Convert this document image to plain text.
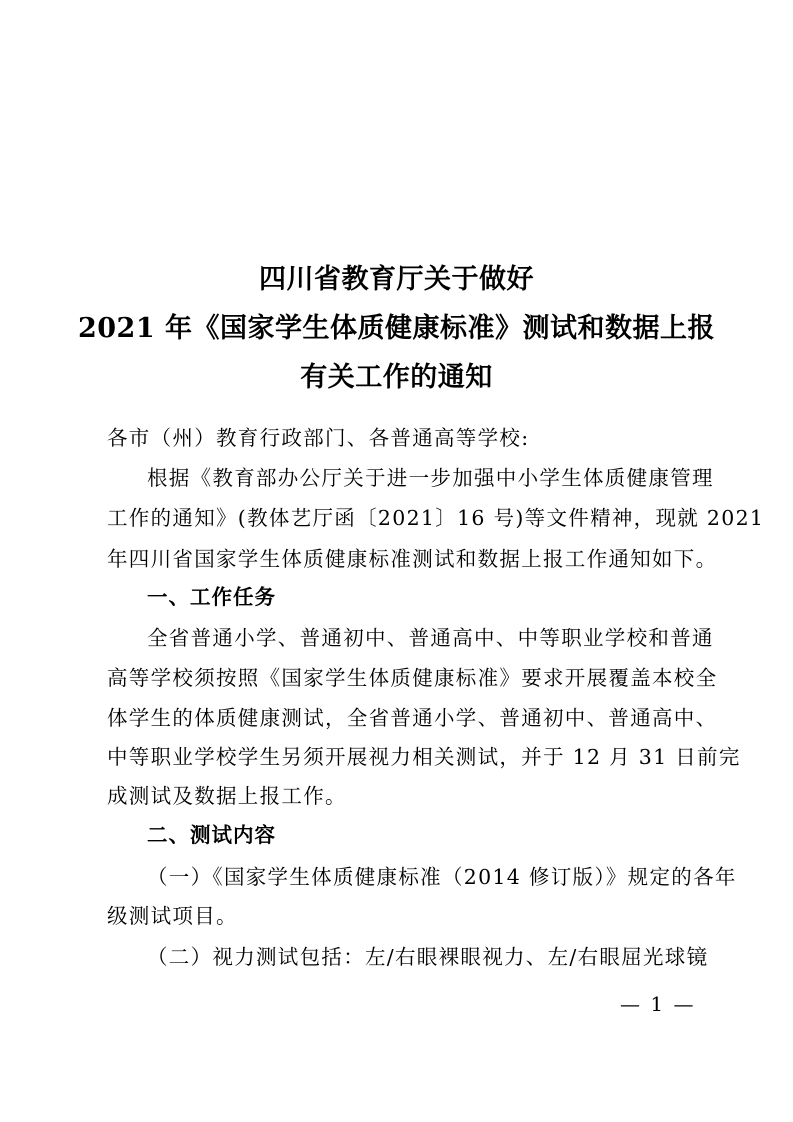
四川省教育厅关于做好
2021 年《国家学生体质健康标准》测试和数据上报
有关工作的通知
各市（州）教育行政部门、各普通高等学校:
根据《教育部办公厅关于进一步加强中小学生体质健康管理
工作的通知》(教体艺厅函〔2021〕16 号)等文件精神，现就 2021
年四川省国家学生体质健康标准测试和数据上报工作通知如下。
一、工作任务
全省普通小学、普通初中、普通高中、中等职业学校和普通
高等学校须按照《国家学生体质健康标准》要求开展覆盖本校全
体学生的体质健康测试，全省普通小学、普通初中、普通高中、
中等职业学校学生另须开展视力相关测试，并于 12 月 31 日前完
成测试及数据上报工作。
二、测试内容
（一）《国家学生体质健康标准（2014 修订版）》规定的各年
级测试项目。
（二）视力测试包括：左/右眼裸眼视力、左/右眼屈光球镜
— 1 —
